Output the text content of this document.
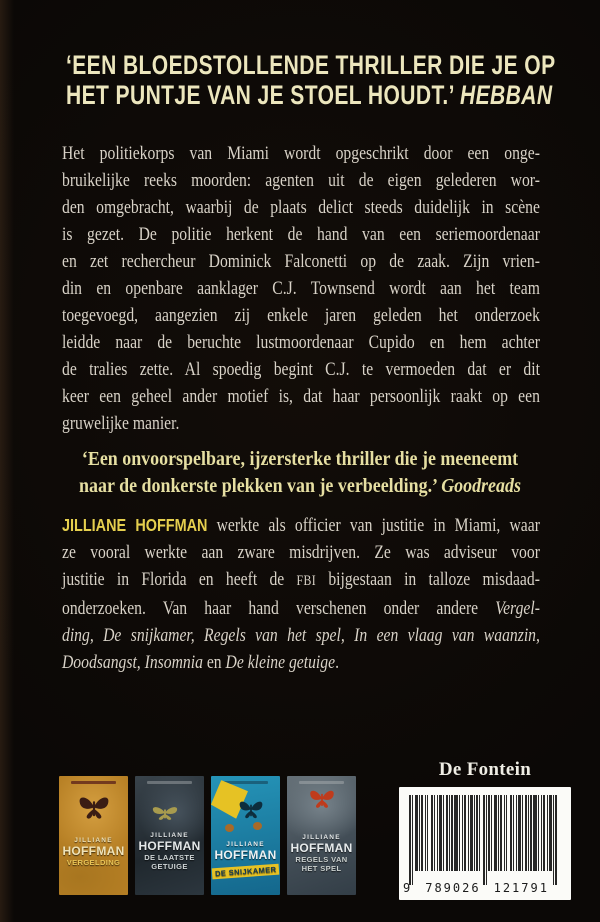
‘EEN BLOEDSTOLLENDE THRILLER DIE JE OP
HET PUNTJE VAN JE STOEL HOUDT.’ HEBBAN
Het politiekorps van Miami wordt opgeschrikt door een onge-
bruikelijke reeks moorden: agenten uit de eigen gelederen wor-
den omgebracht, waarbij de plaats delict steeds duidelijk in scène
is gezet. De politie herkent de hand van een seriemoordenaar
en zet rechercheur Dominick Falconetti op de zaak. Zijn vrien-
din en openbare aanklager C.J. Townsend wordt aan het team
toegevoegd, aangezien zij enkele jaren geleden het onderzoek
leidde naar de beruchte lustmoordenaar Cupido en hem achter
de tralies zette. Al spoedig begint C.J. te vermoeden dat er dit
keer een geheel ander motief is, dat haar persoonlijk raakt op een
gruwelijke manier.
‘Een onvoorspelbare, ijzersterke thriller die je meeneemt
naar de donkerste plekken van je verbeelding.’ Goodreads
JILLIANE HOFFMAN werkte als officier van justitie in Miami, waar
ze vooral werkte aan zware misdrijven. Ze was adviseur voor
justitie in Florida en heeft de FBI bijgestaan in talloze misdaad-
onderzoeken. Van haar hand verschenen onder andere Vergel-
ding, De snijkamer, Regels van het spel, In een vlaag van waanzin,
Doodsangst, Insomnia en De kleine getuige.
JILLIANE
HOFFMAN
VERGELDING
JILLIANE
HOFFMAN
DE LAATSTE GETUIGE
JILLIANE
HOFFMAN
DE SNIJKAMER
JILLIANE
HOFFMAN
REGELS VAN HET SPEL
De Fontein
9 789026 121791
